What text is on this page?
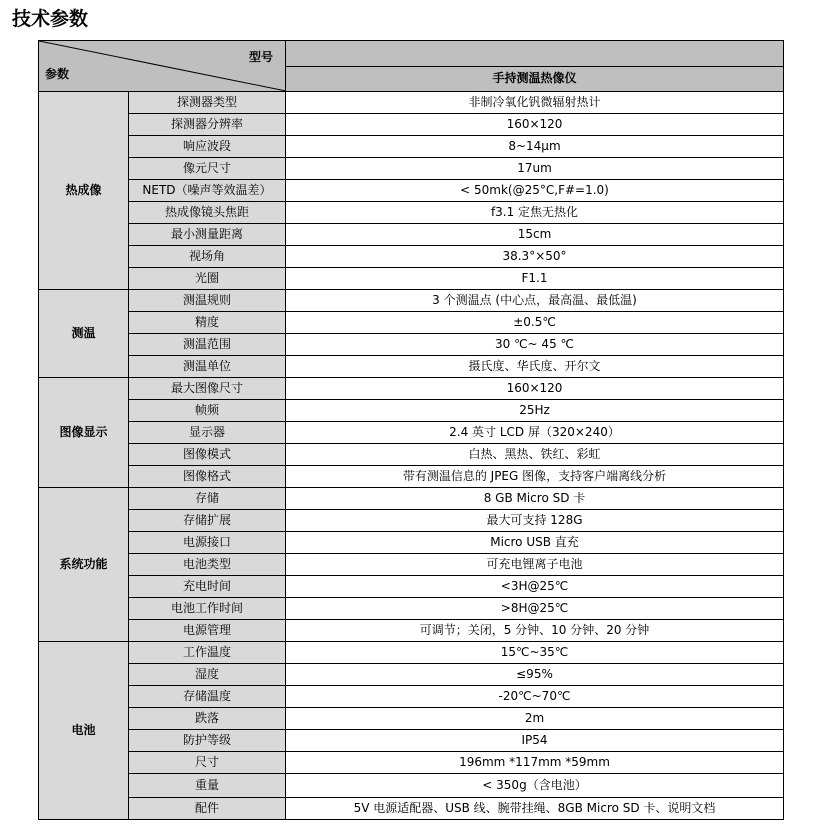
技术参数
型号
参数		

		手持测温热像仪
热成像	探测器类型	非制冷氧化钒微辐射热计
	探测器分辨率	160×120
	响应波段	8~14μm
	像元尺寸	17um
	NETD（噪声等效温差）	< 50mk(@25°C,F#=1.0)
	热成像镜头焦距	f3.1 定焦无热化
	最小测量距离	15cm
	视场角	38.3°×50°
	光圈	F1.1
测温	测温规则	3 个测温点 (中心点，最高温、最低温)
	精度	±0.5℃
	测温范围	30 ℃~ 45 ℃
	测温单位	摄氏度、华氏度、开尔文
图像显示	最大图像尺寸	160×120
	帧频	25Hz
	显示器	2.4 英寸 LCD 屏（320×240）
	图像模式	白热、黑热、铁红、彩虹
	图像格式	带有测温信息的 JPEG 图像，支持客户端离线分析
系统功能	存储	8 GB Micro SD 卡
	存储扩展	最大可支持 128G
	电源接口	Micro USB 直充
	电池类型	可充电锂离子电池
	充电时间	<3H@25℃
	电池工作时间	>8H@25℃
	电源管理	可调节；关闭，5 分钟、10 分钟、20 分钟
电池	工作温度	15℃~35℃
	湿度	≤95%
	存储温度	-20℃~70℃
	跌落	2m
	防护等级	IP54
	尺寸	196mm *117mm *59mm
	重量	< 350g（含电池）
	配件	5V 电源适配器、USB 线、腕带挂绳、8GB Micro SD 卡、说明文档
